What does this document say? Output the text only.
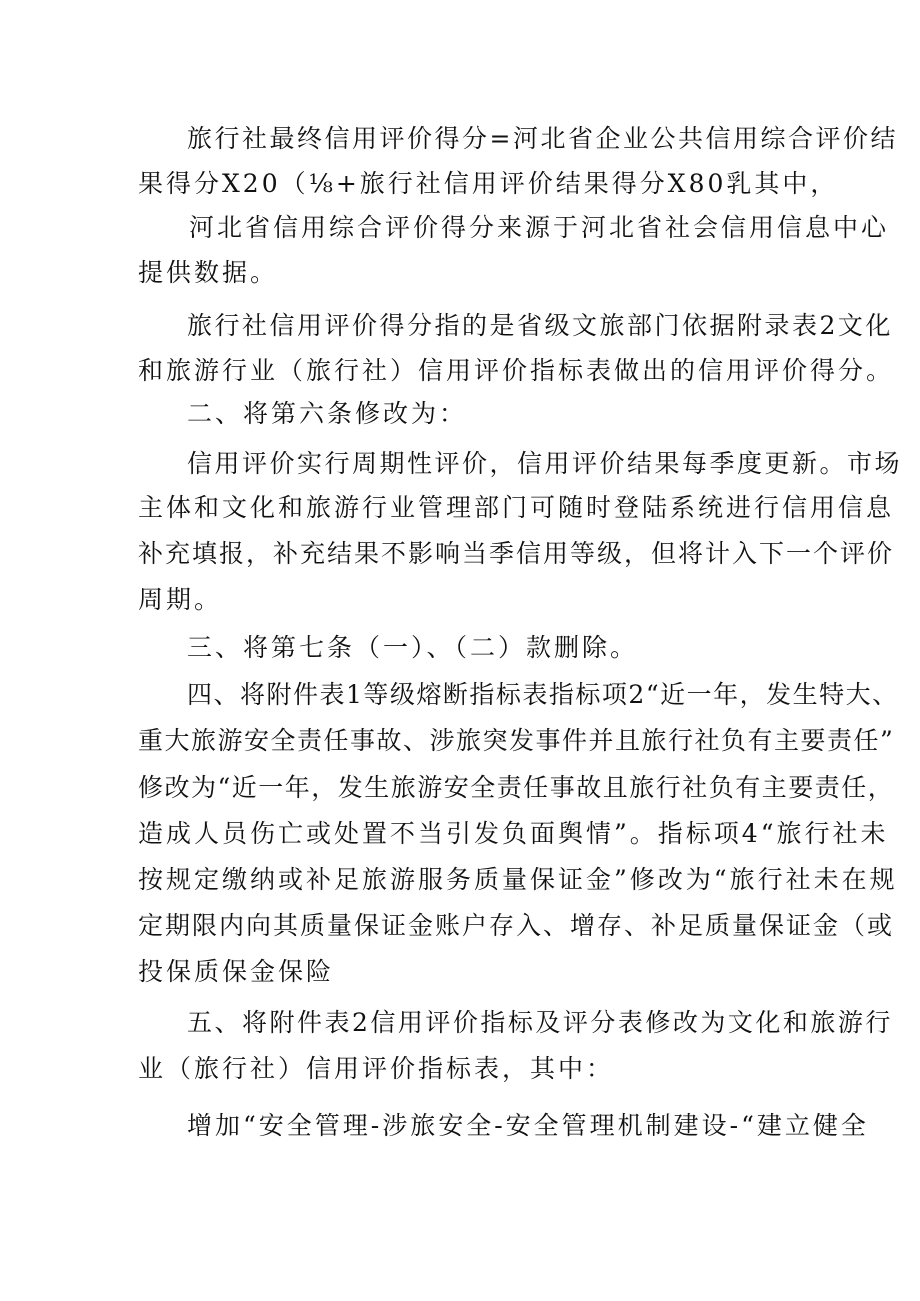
旅行社最终信用评价得分=河北省企业公共信用综合评价结
果得分X20（⅛+旅行社信用评价结果得分X80乳其中，
河北省信用综合评价得分来源于河北省社会信用信息中心
提供数据。
旅行社信用评价得分指的是省级文旅部门依据附录表2文化
和旅游行业（旅行社）信用评价指标表做出的信用评价得分。
二、将第六条修改为：
信用评价实行周期性评价，信用评价结果每季度更新。市场
主体和文化和旅游行业管理部门可随时登陆系统进行信用信息
补充填报，补充结果不影响当季信用等级，但将计入下一个评价
周期。
三、将第七条（一）、（二）款删除。
四、将附件表1等级熔断指标表指标项2“近一年，发生特大、
重大旅游安全责任事故、涉旅突发事件并且旅行社负有主要责任”
修改为“近一年，发生旅游安全责任事故且旅行社负有主要责任，
造成人员伤亡或处置不当引发负面舆情”。指标项4“旅行社未
按规定缴纳或补足旅游服务质量保证金”修改为“旅行社未在规
定期限内向其质量保证金账户存入、增存、补足质量保证金（或
投保质保金保险
五、将附件表2信用评价指标及评分表修改为文化和旅游行
业（旅行社）信用评价指标表，其中：
增加“安全管理-涉旅安全-安全管理机制建设-“建立健全
